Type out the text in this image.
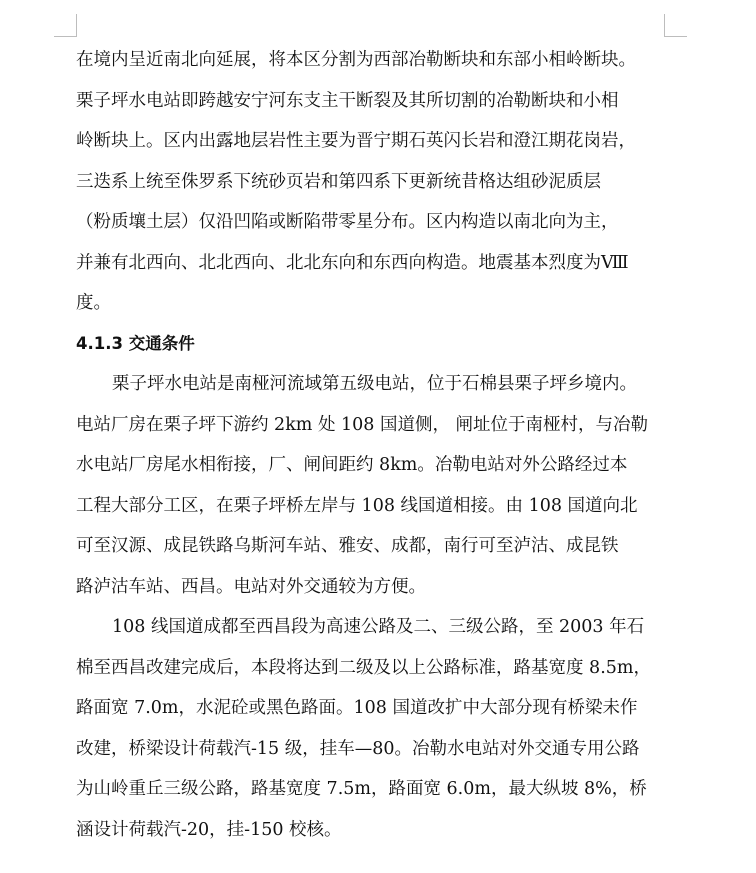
在境内呈近南北向延展，将本区分割为西部冶勒断块和东部小相岭断块。
栗子坪水电站即跨越安宁河东支主干断裂及其所切割的冶勒断块和小相
岭断块上。区内出露地层岩性主要为晋宁期石英闪长岩和澄江期花岗岩，
三迭系上统至侏罗系下统砂页岩和第四系下更新统昔格达组砂泥质层
（粉质壤土层）仅沿凹陷或断陷带零星分布。区内构造以南北向为主，
并兼有北西向、北北西向、北北东向和东西向构造。地震基本烈度为Ⅷ
度。
4.1.3 交通条件
栗子坪水电站是南桠河流域第五级电站，位于石棉县栗子坪乡境内。
电站厂房在栗子坪下游约 2km 处 108 国道侧， 闸址位于南桠村，与冶勒
水电站厂房尾水相衔接，厂、闸间距约 8km。冶勒电站对外公路经过本
工程大部分工区，在栗子坪桥左岸与 108 线国道相接。由 108 国道向北
可至汉源、成昆铁路乌斯河车站、雅安、成都，南行可至泸沽、成昆铁
路泸沽车站、西昌。电站对外交通较为方便。
108 线国道成都至西昌段为高速公路及二、三级公路，至 2003 年石
棉至西昌改建完成后，本段将达到二级及以上公路标准，路基宽度 8.5m，
路面宽 7.0m，水泥砼或黑色路面。108 国道改扩中大部分现有桥梁未作
改建，桥梁设计荷载汽-15 级，挂车—80。冶勒水电站对外交通专用公路
为山岭重丘三级公路，路基宽度 7.5m，路面宽 6.0m，最大纵坡 8%，桥
涵设计荷载汽-20，挂-150 校核。
